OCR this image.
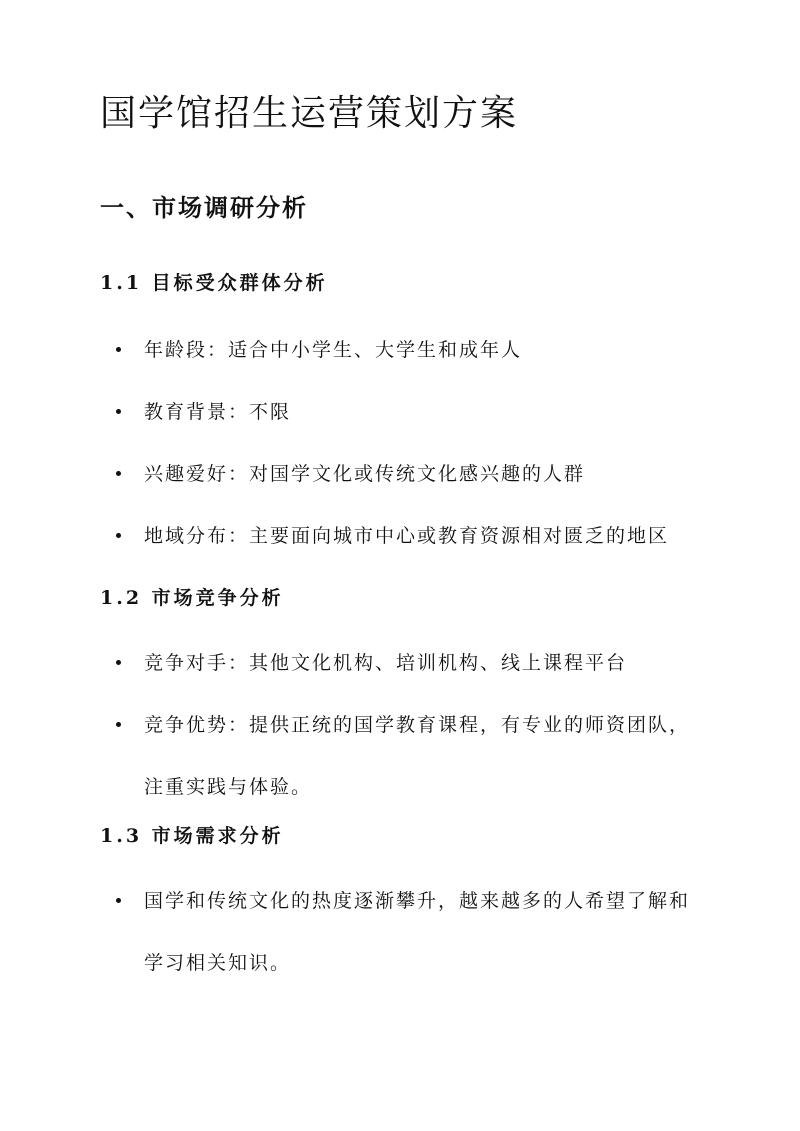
国学馆招生运营策划方案
一、市场调研分析
1.1 目标受众群体分析
年龄段：适合中小学生、大学生和成年人
教育背景：不限
兴趣爱好：对国学文化或传统文化感兴趣的人群
地域分布：主要面向城市中心或教育资源相对匮乏的地区
1.2 市场竞争分析
竞争对手：其他文化机构、培训机构、线上课程平台
竞争优势：提供正统的国学教育课程，有专业的师资团队，
注重实践与体验。
1.3 市场需求分析
国学和传统文化的热度逐渐攀升，越来越多的人希望了解和
学习相关知识。
